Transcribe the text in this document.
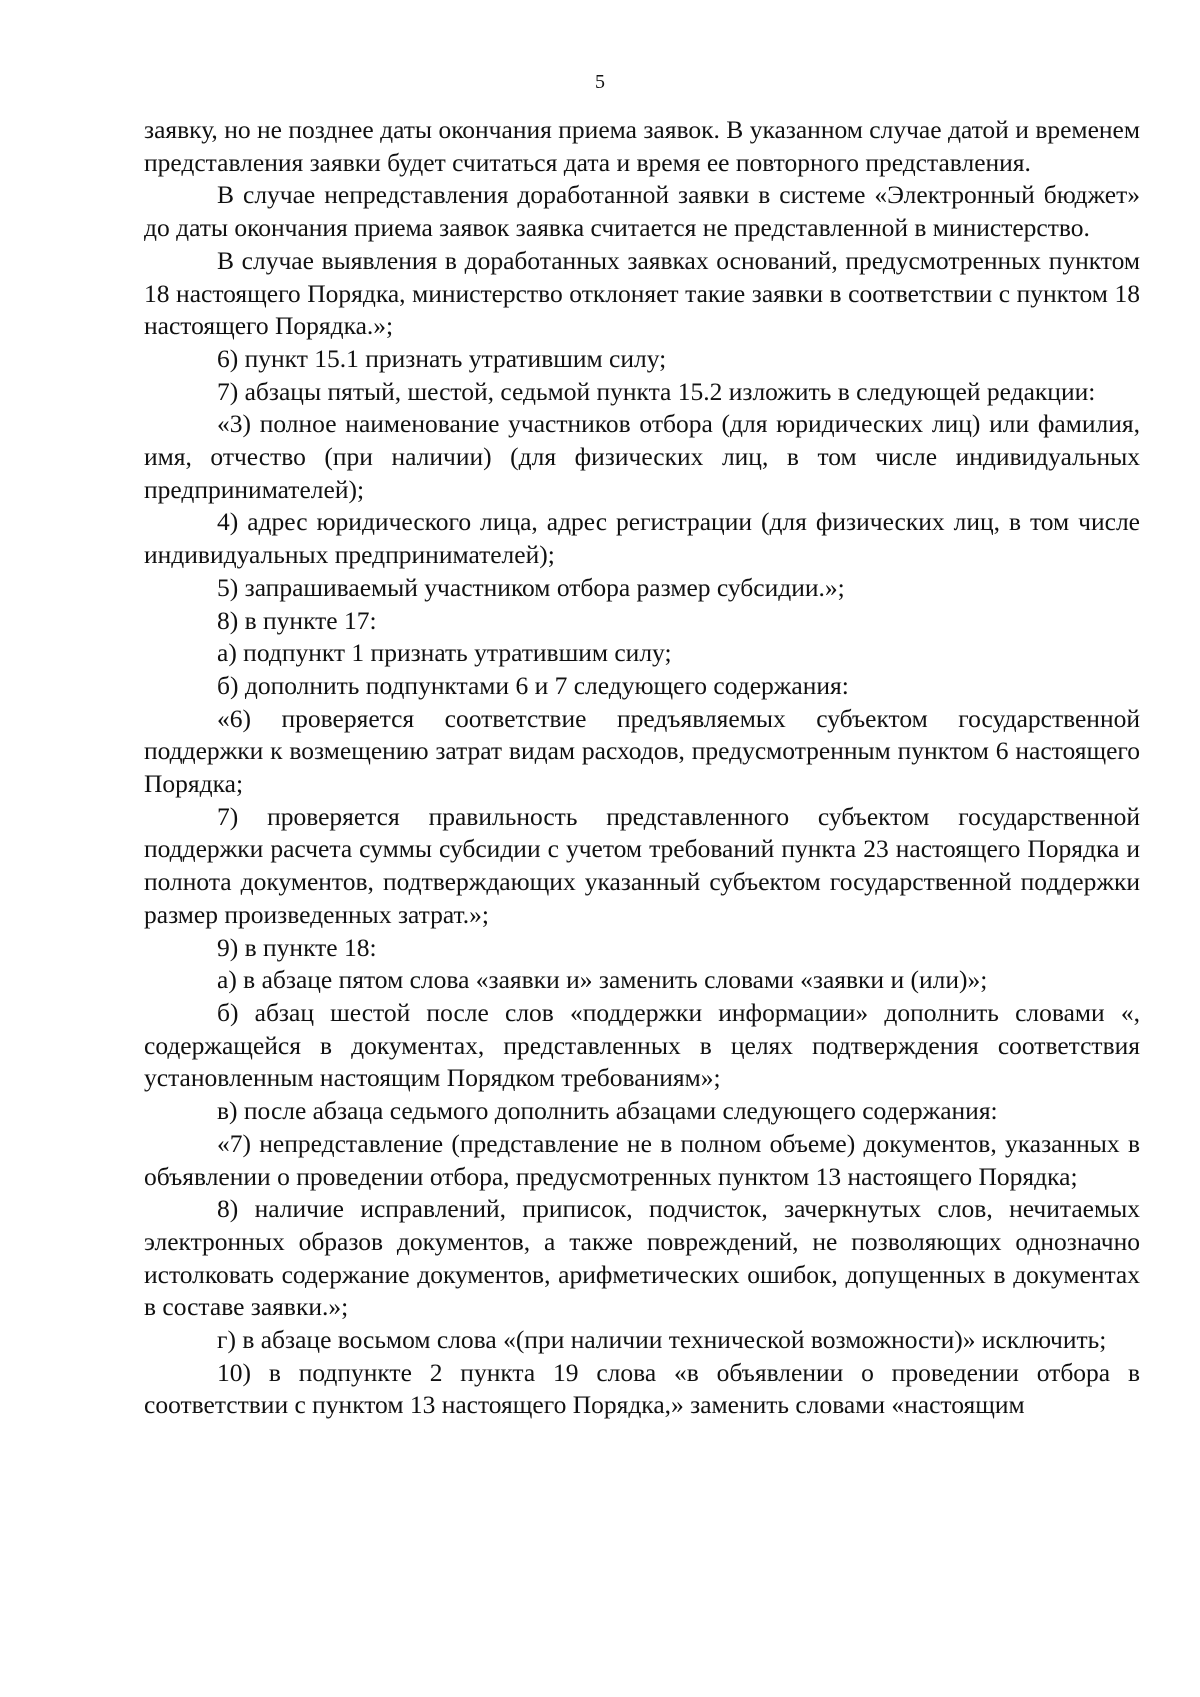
5

заявку, но не позднее даты окончания приема заявок. В указанном случае датой и временем представления заявки будет считаться дата и время ее повторного представления.

В случае непредставления доработанной заявки в системе «Электронный бюджет» до даты окончания приема заявок заявка считается не представленной в министерство.

В случае выявления в доработанных заявках оснований, предусмотренных пунктом 18 настоящего Порядка, министерство отклоняет такие заявки в соответствии с пунктом 18 настоящего Порядка.»;

6) пункт 15.1 признать утратившим силу;

7) абзацы пятый, шестой, седьмой пункта 15.2 изложить в следующей редакции:

«3) полное наименование участников отбора (для юридических лиц) или фамилия, имя, отчество (при наличии) (для физических лиц, в том числе индивидуальных предпринимателей);

4) адрес юридического лица, адрес регистрации (для физических лиц, в том числе индивидуальных предпринимателей);

5) запрашиваемый участником отбора размер субсидии.»;

8) в пункте 17:

а) подпункт 1 признать утратившим силу;

б) дополнить подпунктами 6 и 7 следующего содержания:

«6) проверяется соответствие предъявляемых субъектом государственной поддержки к возмещению затрат видам расходов, предусмотренным пунктом 6 настоящего Порядка;

7) проверяется правильность представленного субъектом государственной поддержки расчета суммы субсидии с учетом требований пункта 23 настоящего Порядка и полнота документов, подтверждающих указанный субъектом государственной поддержки размер произведенных затрат.»;

9) в пункте 18:

а) в абзаце пятом слова «заявки и» заменить словами «заявки и (или)»;

б) абзац шестой после слов «поддержки информации» дополнить словами «, содержащейся в документах, представленных в целях подтверждения соответствия установленным настоящим Порядком требованиям»;

в) после абзаца седьмого дополнить абзацами следующего содержания:

«7) непредставление (представление не в полном объеме) документов, указанных в объявлении о проведении отбора, предусмотренных пунктом 13 настоящего Порядка;

8) наличие исправлений, приписок, подчисток, зачеркнутых слов, нечитаемых электронных образов документов, а также повреждений, не позволяющих однозначно истолковать содержание документов, арифметических ошибок, допущенных в документах в составе заявки.»;

г) в абзаце восьмом слова «(при наличии технической возможности)» исключить;

10) в подпункте 2 пункта 19 слова «в объявлении о проведении отбора в соответствии с пунктом 13 настоящего Порядка,» заменить словами «настоящим
